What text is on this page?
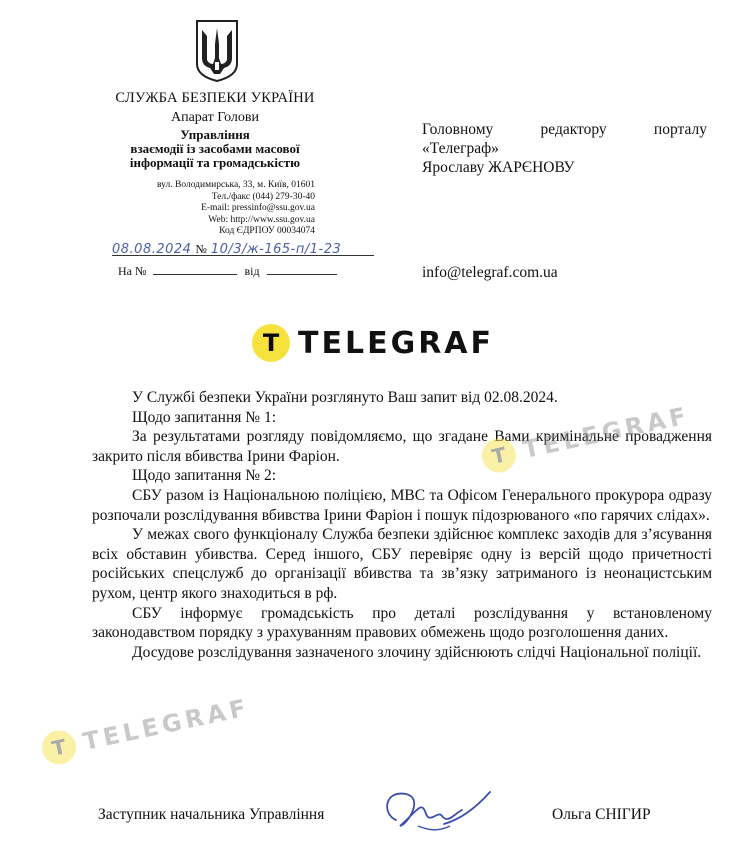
СЛУЖБА БЕЗПЕКИ УКРАЇНИ
Апарат Голови
Управління
взаємодії із засобами масової
інформації та громадськістю
вул. Володимирська, 33, м. Київ, 01601
Тел./факс (044) 279-30-40
E-mail: pressinfo@ssu.gov.ua
Web: http://www.ssu.gov.ua
Код ЄДРПОУ 00034074
08.08.2024 № 10/3/ж-165-п/1-23
На №	від
Головному редактору порталу
«Телеграф»
Ярославу ЖАРЄНОВУ
info@telegraf.com.ua
T TELEGRAF

У Службі безпеки України розглянуто Ваш запит від 02.08.2024.

Щодо запитання № 1:

За результатами розгляду повідомляємо, що згадане Вами кримінальне провадження закрито після вбивства Ірини Фаріон.

Щодо запитання № 2:

СБУ разом із Національною поліцією, МВС та Офісом Генерального прокурора одразу розпочали розслідування вбивства Ірини Фаріон і пошук підозрюваного «по гарячих слідах».

У межах свого функціоналу Служба безпеки здійснює комплекс заходів для з’ясування всіх обставин убивства. Серед іншого, СБУ перевіряє одну із версій щодо причетності російських спецслужб до організації вбивства та зв’язку затриманого із неонацистським рухом, центр якого знаходиться в рф.

СБУ інформує громадськість про деталі розслідування у встановленому законодавством порядку з урахуванням правових обмежень щодо розголошення даних.

Досудове розслідування зазначеного злочину здійснюють слідчі Національної поліції.

T TELEGRAF
T TELEGRAF
Заступник начальника Управління	Ольга СНІГИР
